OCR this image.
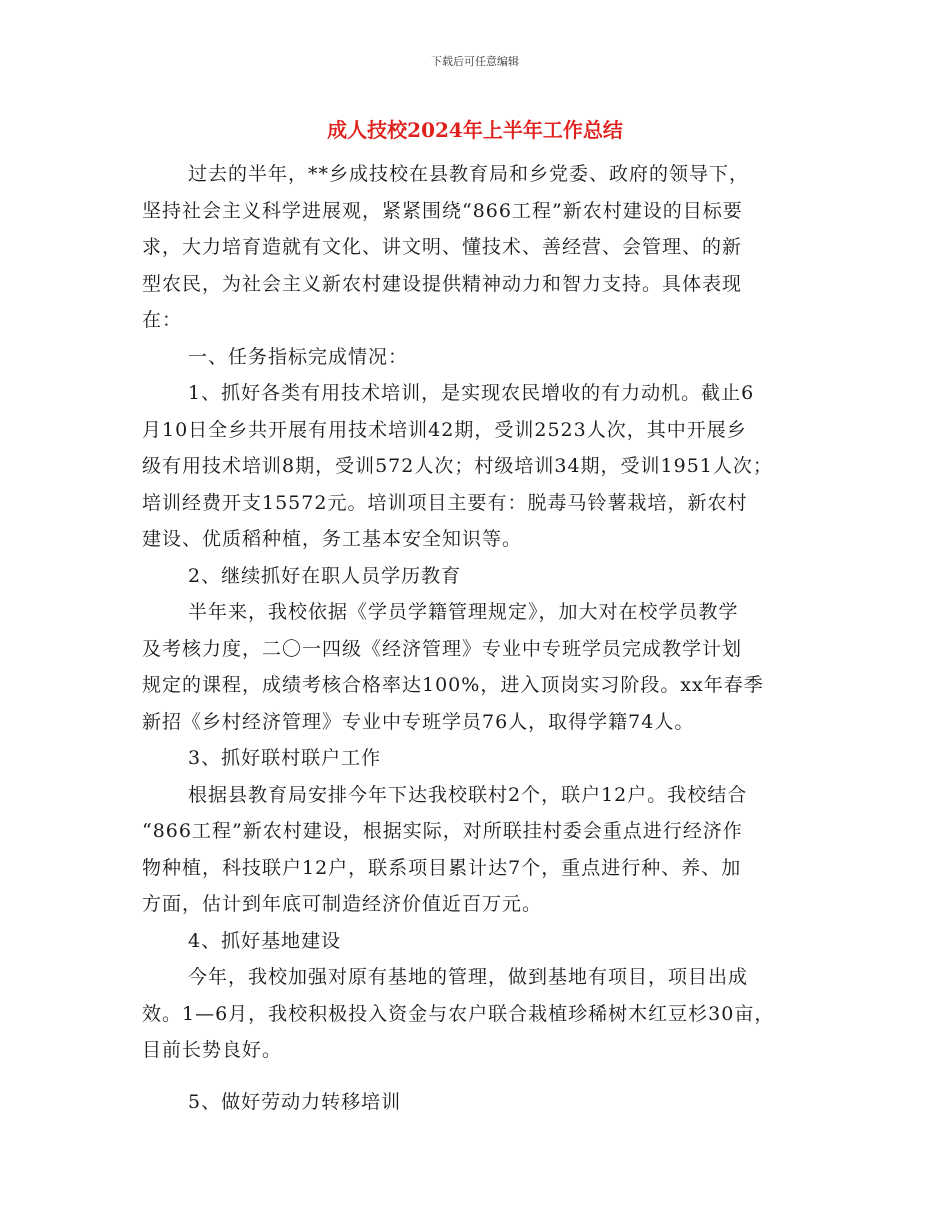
下载后可任意编辑
成人技校2024年上半年工作总结
过去的半年，**乡成技校在县教育局和乡党委、政府的领导下，
坚持社会主义科学进展观，紧紧围绕“866工程”新农村建设的目标要
求，大力培育造就有文化、讲文明、懂技术、善经营、会管理、的新
型农民，为社会主义新农村建设提供精神动力和智力支持。具体表现
在：
一、任务指标完成情况：
1、抓好各类有用技术培训，是实现农民增收的有力动机。截止6
月10日全乡共开展有用技术培训42期，受训2523人次，其中开展乡
级有用技术培训8期，受训572人次；村级培训34期，受训1951人次；
培训经费开支15572元。培训项目主要有：脱毒马铃薯栽培，新农村
建设、优质稻种植，务工基本安全知识等。
2、继续抓好在职人员学历教育
半年来，我校依据《学员学籍管理规定》，加大对在校学员教学
及考核力度，二〇一四级《经济管理》专业中专班学员完成教学计划
规定的课程，成绩考核合格率达100%，进入顶岗实习阶段。xx年春季
新招《乡村经济管理》专业中专班学员76人，取得学籍74人。
3、抓好联村联户工作
根据县教育局安排今年下达我校联村2个，联户12户。我校结合
“866工程”新农村建设，根据实际，对所联挂村委会重点进行经济作
物种植，科技联户12户，联系项目累计达7个，重点进行种、养、加
方面，估计到年底可制造经济价值近百万元。
4、抓好基地建设
今年，我校加强对原有基地的管理，做到基地有项目，项目出成
效。1—6月，我校积极投入资金与农户联合栽植珍稀树木红豆杉30亩，
目前长势良好。
5、做好劳动力转移培训
